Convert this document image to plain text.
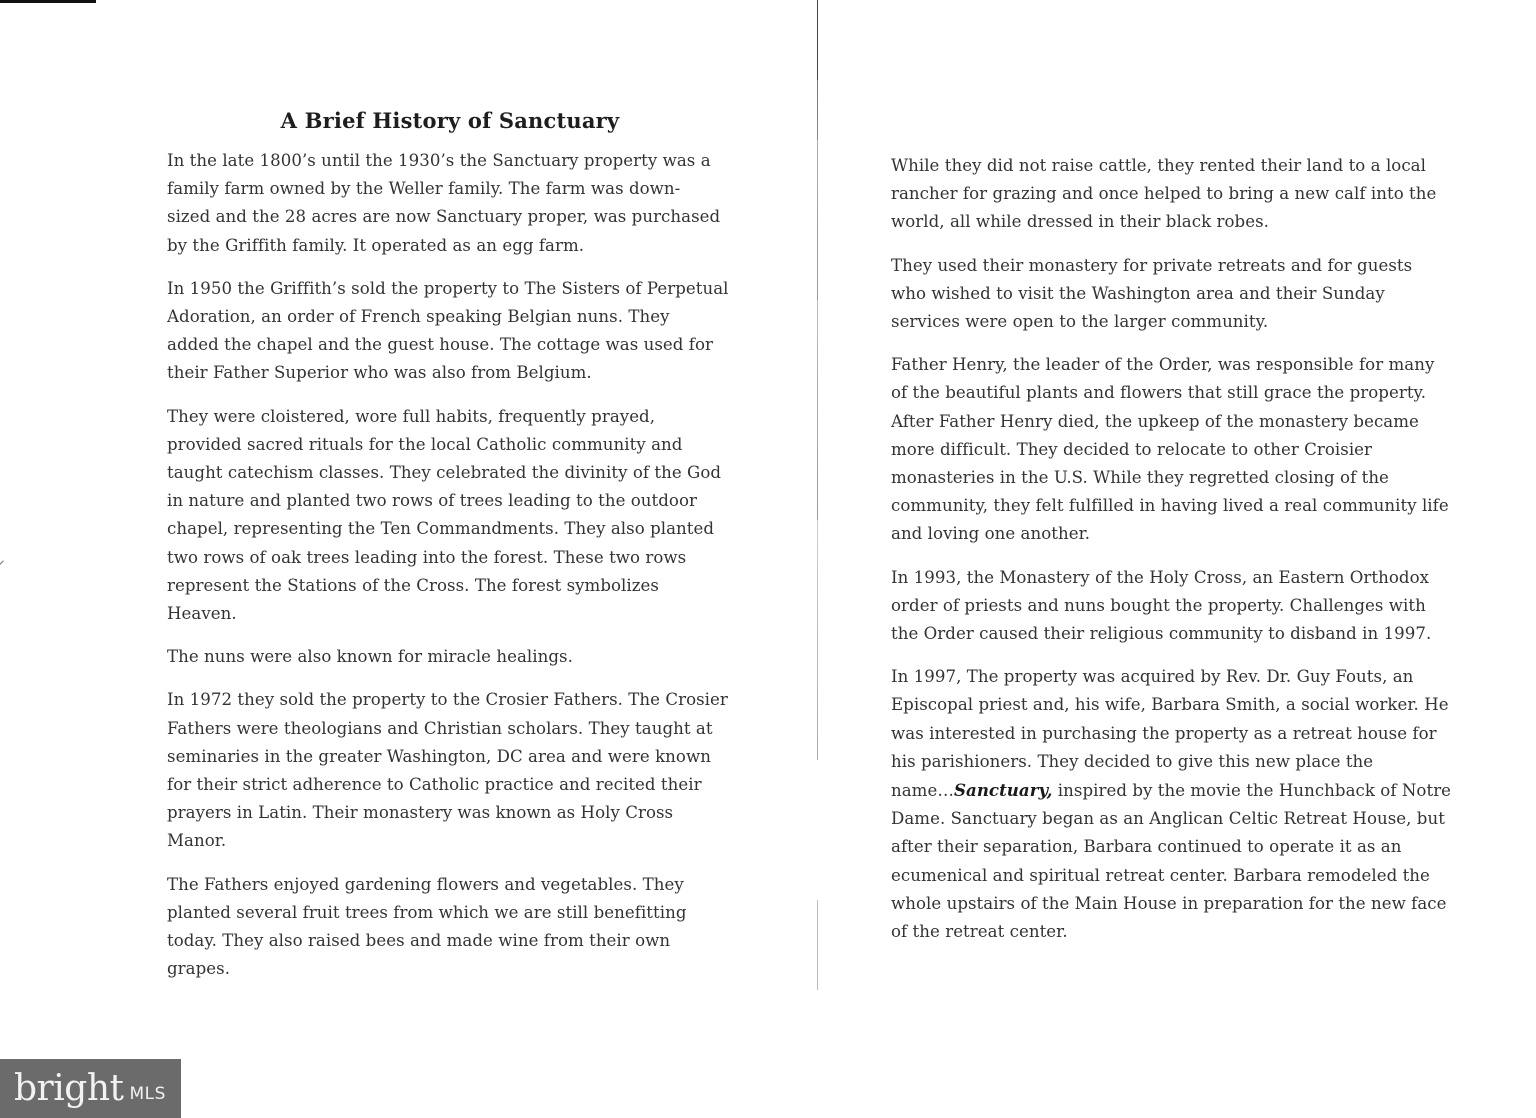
A Brief History of Sanctuary

In the late 1800’s until the 1930’s the Sanctuary property was a
family farm owned by the Weller family. The farm was down-
sized and the 28 acres are now Sanctuary proper, was purchased
by the Griffith family. It operated as an egg farm.

In 1950 the Griffith’s sold the property to The Sisters of Perpetual
Adoration, an order of French speaking Belgian nuns. They
added the chapel and the guest house. The cottage was used for
their Father Superior who was also from Belgium.

They were cloistered, wore full habits, frequently prayed,
provided sacred rituals for the local Catholic community and
taught catechism classes. They celebrated the divinity of the God
in nature and planted two rows of trees leading to the outdoor
chapel, representing the Ten Commandments. They also planted
two rows of oak trees leading into the forest. These two rows
represent the Stations of the Cross. The forest symbolizes
Heaven.

The nuns were also known for miracle healings.

In 1972 they sold the property to the Crosier Fathers. The Crosier
Fathers were theologians and Christian scholars. They taught at
seminaries in the greater Washington, DC area and were known
for their strict adherence to Catholic practice and recited their
prayers in Latin. Their monastery was known as Holy Cross
Manor.

The Fathers enjoyed gardening flowers and vegetables. They
planted several fruit trees from which we are still benefitting
today. They also raised bees and made wine from their own
grapes.

While they did not raise cattle, they rented their land to a local
rancher for grazing and once helped to bring a new calf into the
world, all while dressed in their black robes.

They used their monastery for private retreats and for guests
who wished to visit the Washington area and their Sunday
services were open to the larger community.

Father Henry, the leader of the Order, was responsible for many
of the beautiful plants and flowers that still grace the property.
After Father Henry died, the upkeep of the monastery became
more difficult. They decided to relocate to other Croisier
monasteries in the U.S. While they regretted closing of the
community, they felt fulfilled in having lived a real community life
and loving one another.

In 1993, the Monastery of the Holy Cross, an Eastern Orthodox
order of priests and nuns bought the property. Challenges with
the Order caused their religious community to disband in 1997.

In 1997, The property was acquired by Rev. Dr. Guy Fouts, an
Episcopal priest and, his wife, Barbara Smith, a social worker. He
was interested in purchasing the property as a retreat house for
his parishioners. They decided to give this new place the
name…Sanctuary, inspired by the movie the Hunchback of Notre
Dame. Sanctuary began as an Anglican Celtic Retreat House, but
after their separation, Barbara continued to operate it as an
ecumenical and spiritual retreat center. Barbara remodeled the
whole upstairs of the Main House in preparation for the new face
of the retreat center.

bright MLS
